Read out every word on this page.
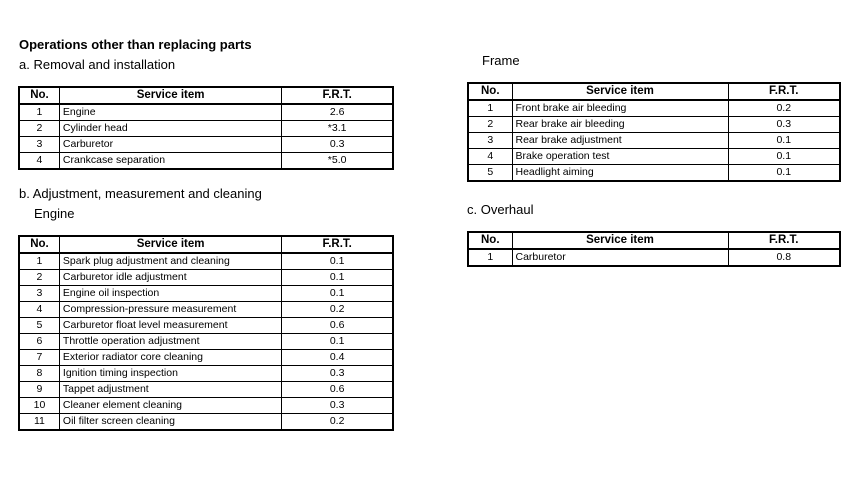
Operations other than replacing parts
a. Removal and installation
No.	Service item	F.R.T.
1	Engine	2.6
2	Cylinder head	*3.1
3	Carburetor	0.3
4	Crankcase separation	*5.0
b. Adjustment, measurement and cleaning
Engine
No.	Service item	F.R.T.
1	Spark plug adjustment and cleaning	0.1
2	Carburetor idle adjustment	0.1
3	Engine oil inspection	0.1
4	Compression-pressure measurement	0.2
5	Carburetor float level measurement	0.6
6	Throttle operation adjustment	0.1
7	Exterior radiator core cleaning	0.4
8	Ignition timing inspection	0.3
9	Tappet adjustment	0.6
10	Cleaner element cleaning	0.3
11	Oil filter screen cleaning	0.2
Frame
No.	Service item	F.R.T.
1	Front brake air bleeding	0.2
2	Rear brake air bleeding	0.3
3	Rear brake adjustment	0.1
4	Brake operation test	0.1
5	Headlight aiming	0.1
c. Overhaul
No.	Service item	F.R.T.
1	Carburetor	0.8
